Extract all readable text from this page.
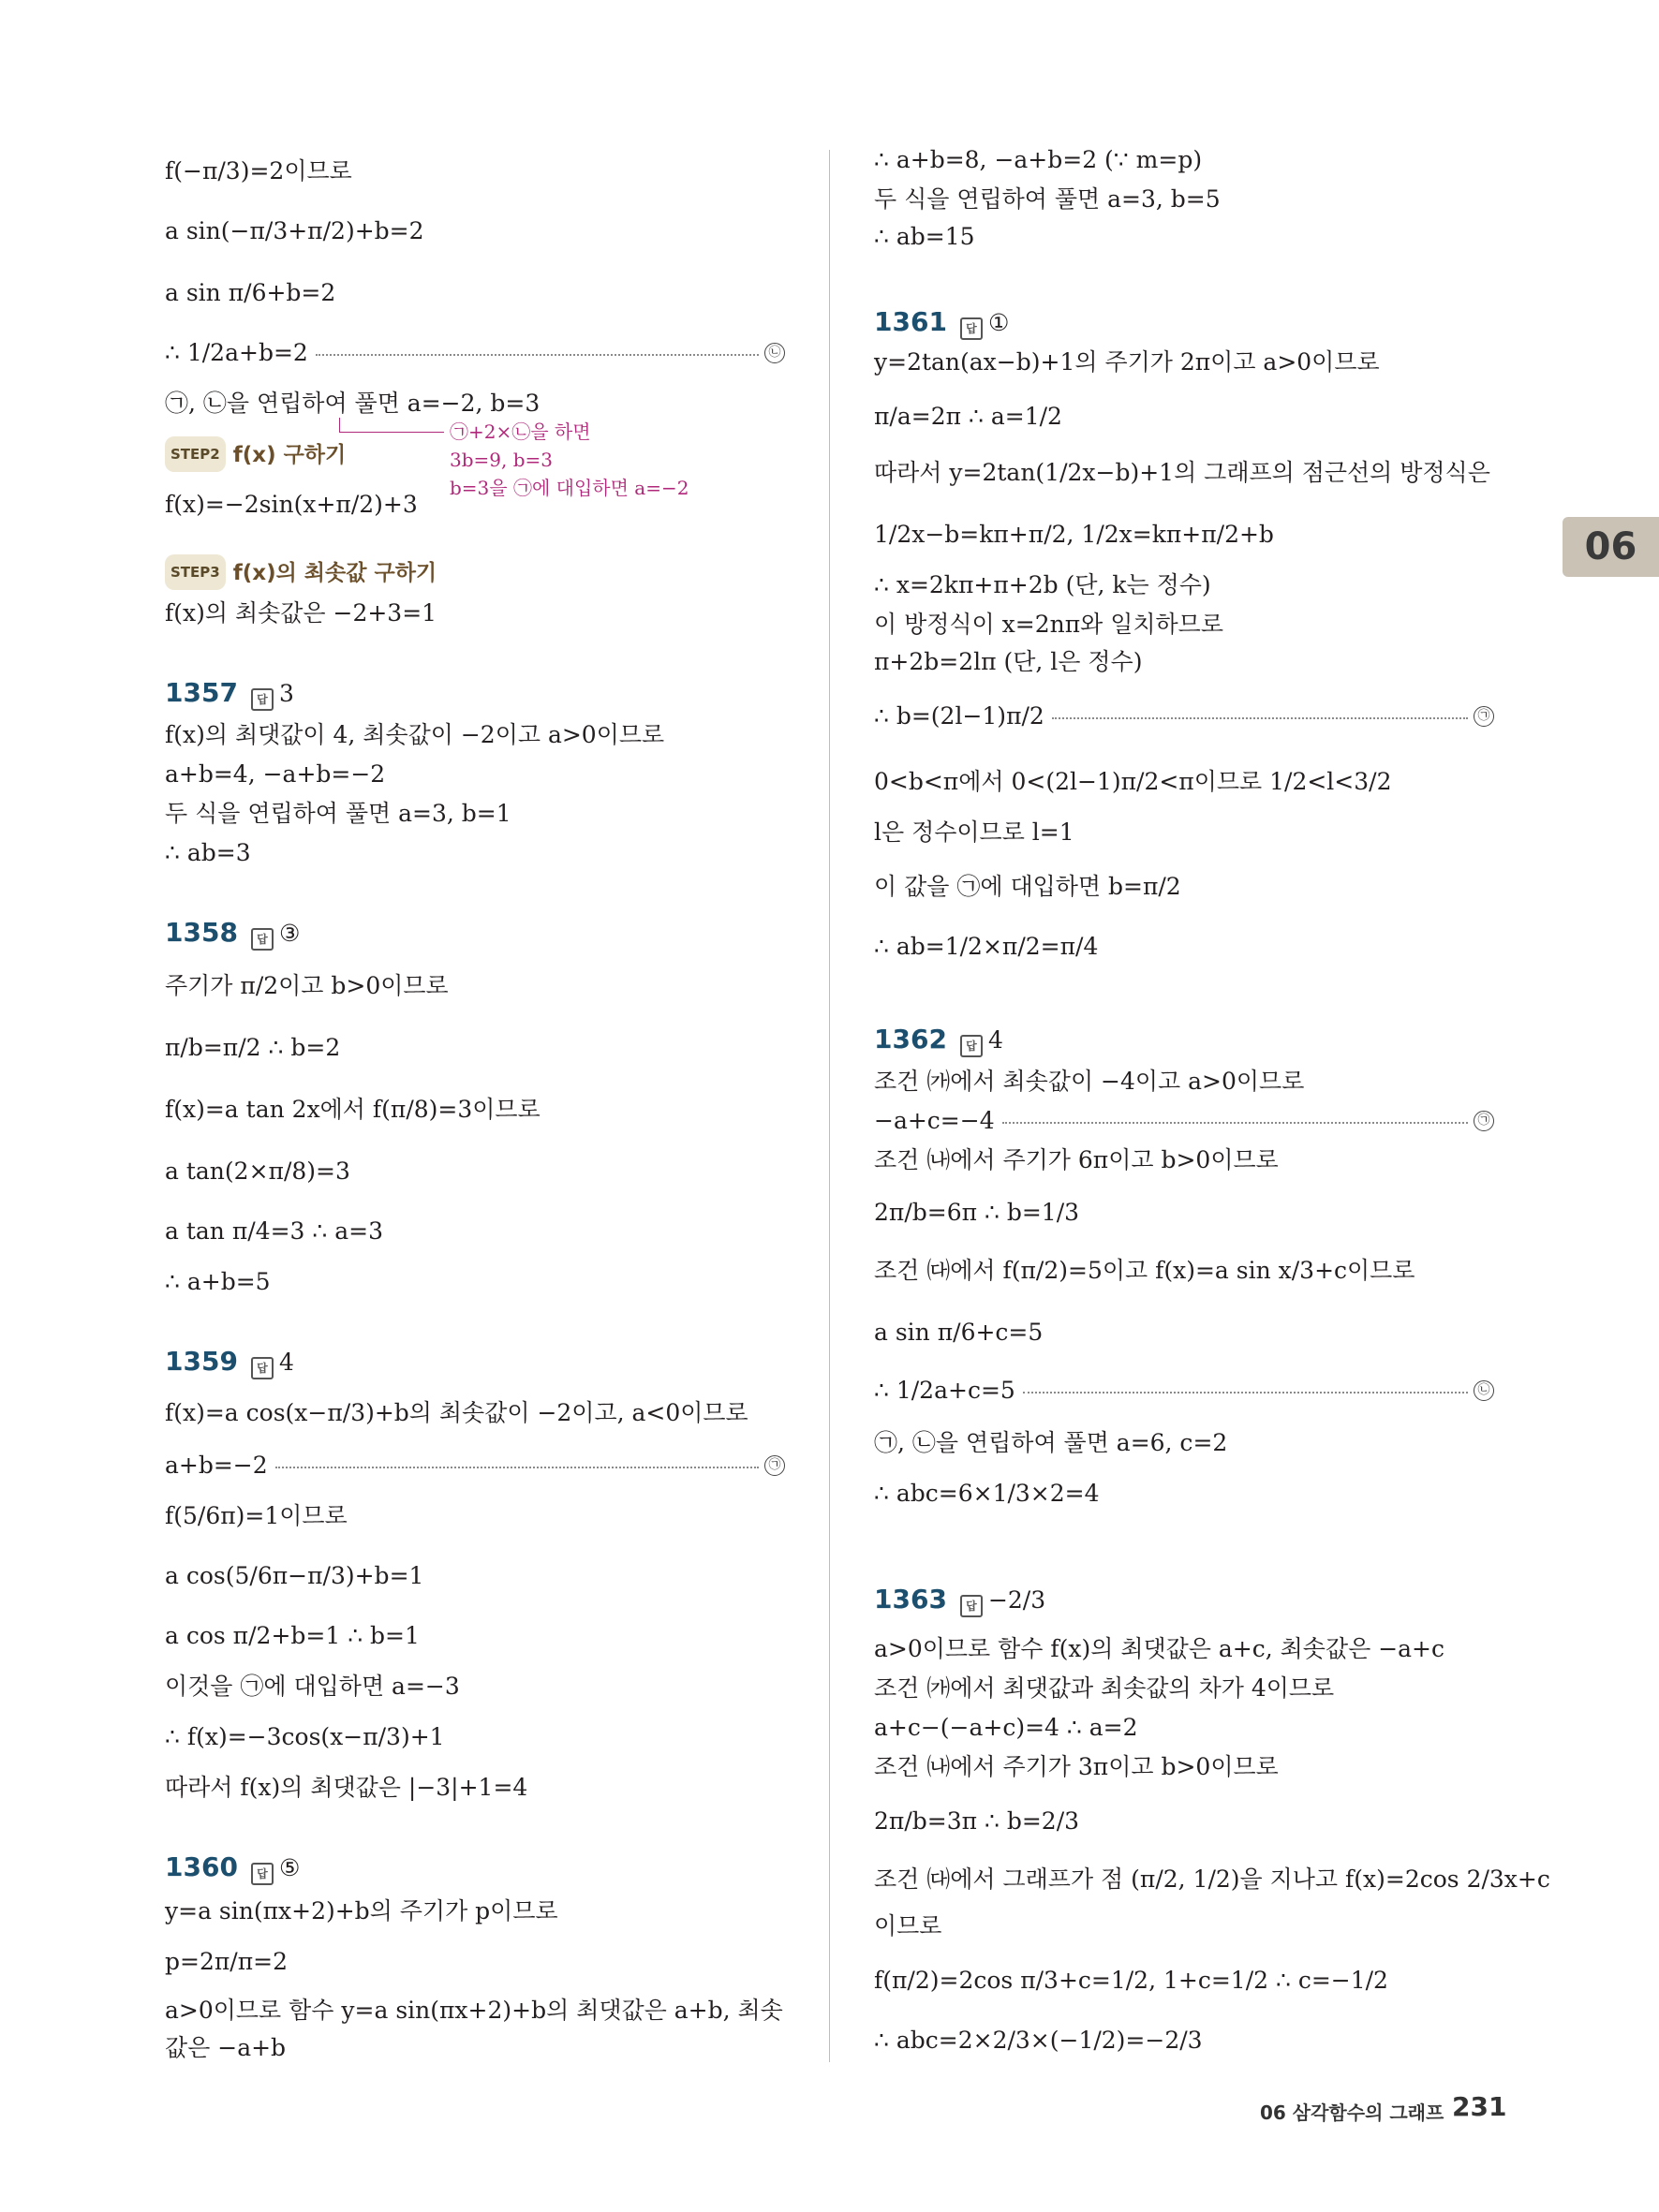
f(−π/3)=2이므로
a sin(−π/3+π/2)+b=2
a sin π/6+b=2
∴ 1/2a+b=2	㉡
㉠, ㉡을 연립하여 풀면 a=−2, b=3
㉠+2×㉡을 하면
3b=9, b=3
b=3을 ㉠에 대입하면 a=−2
STEP2 f(x) 구하기
f(x)=−2sin(x+π/2)+3
STEP3 f(x)의 최솟값 구하기
f(x)의 최솟값은 −2+3=1
1357 답 3
f(x)의 최댓값이 4, 최솟값이 −2이고 a>0이므로
a+b=4, −a+b=−2
두 식을 연립하여 풀면 a=3, b=1
∴ ab=3
1358 답 ③
주기가 π/2이고 b>0이므로
π/b=π/2 ∴ b=2
f(x)=a tan 2x에서 f(π/8)=3이므로
a tan(2×π/8)=3
a tan π/4=3 ∴ a=3
∴ a+b=5
1359 답 4
f(x)=a cos(x−π/3)+b의 최솟값이 −2이고, a<0이므로
a+b=−2	㉠
f(5/6π)=1이므로
a cos(5/6π−π/3)+b=1
a cos π/2+b=1 ∴ b=1
이것을 ㉠에 대입하면 a=−3
∴ f(x)=−3cos(x−π/3)+1
따라서 f(x)의 최댓값은 |−3|+1=4
1360 답 ⑤
y=a sin(πx+2)+b의 주기가 p이므로
p=2π/π=2
a>0이므로 함수 y=a sin(πx+2)+b의 최댓값은 a+b, 최솟
값은 −a+b
∴ a+b=8, −a+b=2 (∵ m=p)
두 식을 연립하여 풀면 a=3, b=5
∴ ab=15
1361 답 ①
y=2tan(ax−b)+1의 주기가 2π이고 a>0이므로
π/a=2π ∴ a=1/2
따라서 y=2tan(1/2x−b)+1의 그래프의 점근선의 방정식은
1/2x−b=kπ+π/2, 1/2x=kπ+π/2+b
∴ x=2kπ+π+2b (단, k는 정수)
이 방정식이 x=2nπ와 일치하므로
π+2b=2lπ (단, l은 정수)
∴ b=(2l−1)π/2	㉠
0<b<π에서 0<(2l−1)π/2<π이므로 1/2<l<3/2
l은 정수이므로 l=1
이 값을 ㉠에 대입하면 b=π/2
∴ ab=1/2×π/2=π/4
1362 답 4
조건 ㈎에서 최솟값이 −4이고 a>0이므로
−a+c=−4	㉠
조건 ㈏에서 주기가 6π이고 b>0이므로
2π/b=6π ∴ b=1/3
조건 ㈐에서 f(π/2)=5이고 f(x)=a sin x/3+c이므로
a sin π/6+c=5
∴ 1/2a+c=5	㉡
㉠, ㉡을 연립하여 풀면 a=6, c=2
∴ abc=6×1/3×2=4
1363 답 −2/3
a>0이므로 함수 f(x)의 최댓값은 a+c, 최솟값은 −a+c
조건 ㈎에서 최댓값과 최솟값의 차가 4이므로
a+c−(−a+c)=4 ∴ a=2
조건 ㈏에서 주기가 3π이고 b>0이므로
2π/b=3π ∴ b=2/3
조건 ㈐에서 그래프가 점 (π/2, 1/2)을 지나고 f(x)=2cos 2/3x+c
이므로
f(π/2)=2cos π/3+c=1/2, 1+c=1/2 ∴ c=−1/2
∴ abc=2×2/3×(−1/2)=−2/3
06
06 삼각함수의 그래프 231
